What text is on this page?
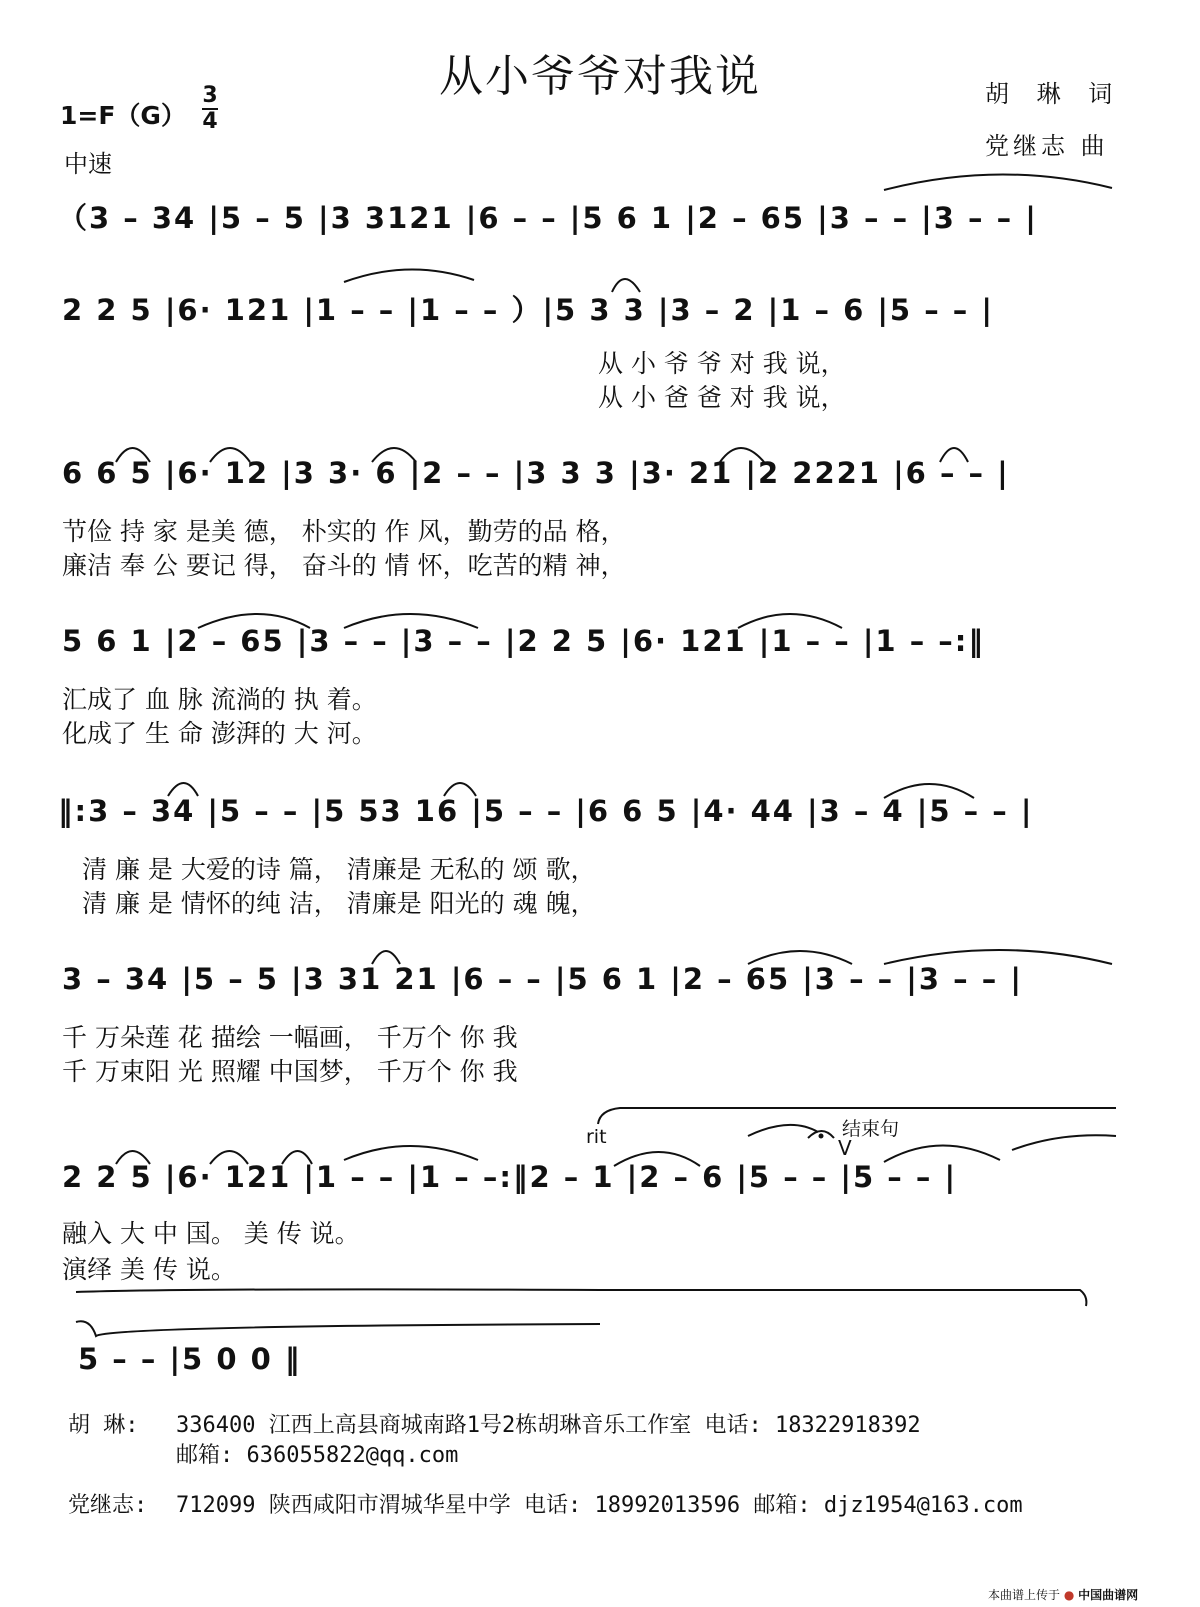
从小爷爷对我说	胡 琳 词
党继志 曲
1=F（G）
3
4
中速
（3 – 34 |5 – 5 |3 3121 |6 – – |5 6 1 |2 – 65 |3 – – |3 – – |
2 2 5 |6· 121 |1 – – |1 – – ）|5 3 3 |3 – 2 |1 – 6 |5 – – |
从 小 爷 爷 对 我 说，
从 小 爸 爸 对 我 说，
6 6 5 |6· 12 |3 3· 6 |2 – – |3 3 3 |3· 21 |2 2221 |6 – – |
节俭 持 家 是美 德， 朴实的 作 风，勤劳的品 格，
廉洁 奉 公 要记 得， 奋斗的 情 怀，吃苦的精 神，
5 6 1 |2 – 65 |3 – – |3 – – |2 2 5 |6· 121 |1 – – |1 – –:‖
汇成了 血 脉 流淌的 执 着。
化成了 生 命 澎湃的 大 河。
‖:3 – 34 |5 – – |5 53 16 |5 – – |6 6 5 |4· 44 |3 – 4 |5 – – |
清 廉 是 大爱的诗 篇， 清廉是 无私的 颂 歌，
清 廉 是 情怀的纯 洁， 清廉是 阳光的 魂 魄，
3 – 34 |5 – 5 |3 31 21 |6 – – |5 6 1 |2 – 65 |3 – – |3 – – |
千 万朵莲 花 描绘 一幅画， 千万个 你 我
千 万束阳 光 照耀 中国梦， 千万个 你 我
rit	结束句
V
2 2 5 |6· 121 |1 – – |1 – –:‖2 – 1 |2 – 6 |5 – – |5 – – |
融入 大 中 国。 美 传 说。
演绎 美 传 说。
5 – – |5 0 0 ‖
胡 琳: 336400 江西上高县商城南路1号2栋胡琳音乐工作室 电话: 18322918392
邮箱: 636055822@qq.com
党继志: 712099 陕西咸阳市渭城华星中学 电话: 18992013596 邮箱: djz1954@163.com
本曲谱上传于 ● 中国曲谱网
